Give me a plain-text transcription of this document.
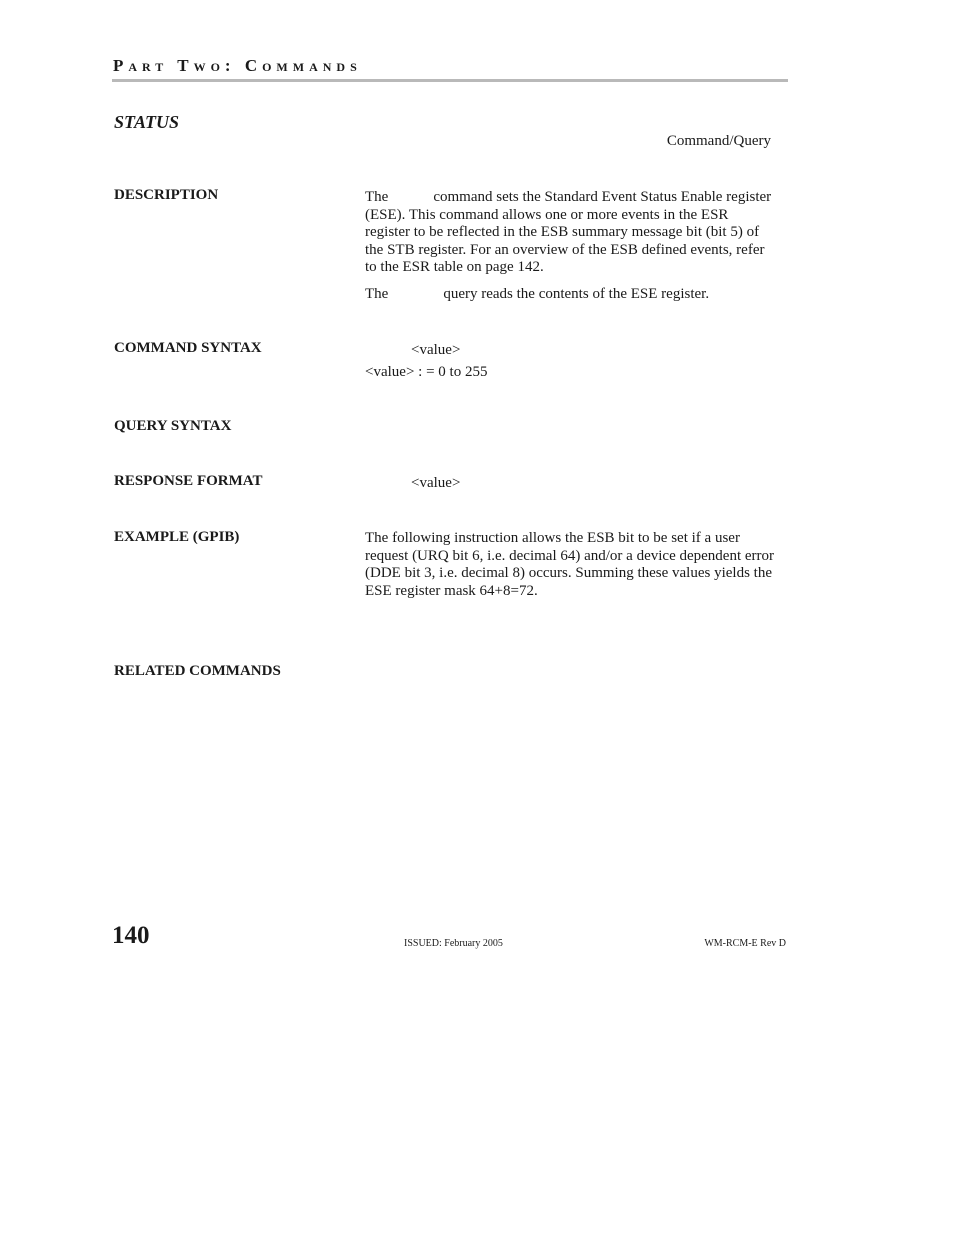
Part Two: Commands
STATUS
Command/Query
DESCRIPTION	The	command sets the Standard Event Status Enable register (ESE). This command allows one or more events in the ESR register to be reflected in the ESB summary message bit (bit 5) of the STB register. For an overview of the ESB defined events, refer to the ESR table on page 142.
The	query reads the contents of the ESE register.
COMMAND SYNTAX	<value>
<value> : = 0 to 255
QUERY SYNTAX
RESPONSE FORMAT	<value>
EXAMPLE (GPIB)	The following instruction allows the ESB bit to be set if a user request (URQ bit 6, i.e. decimal 64) and/or a device dependent error (DDE bit 3, i.e. decimal 8) occurs. Summing these values yields the ESE register mask 64+8=72.
RELATED COMMANDS
140	ISSUED: February 2005	WM-RCM-E Rev D
